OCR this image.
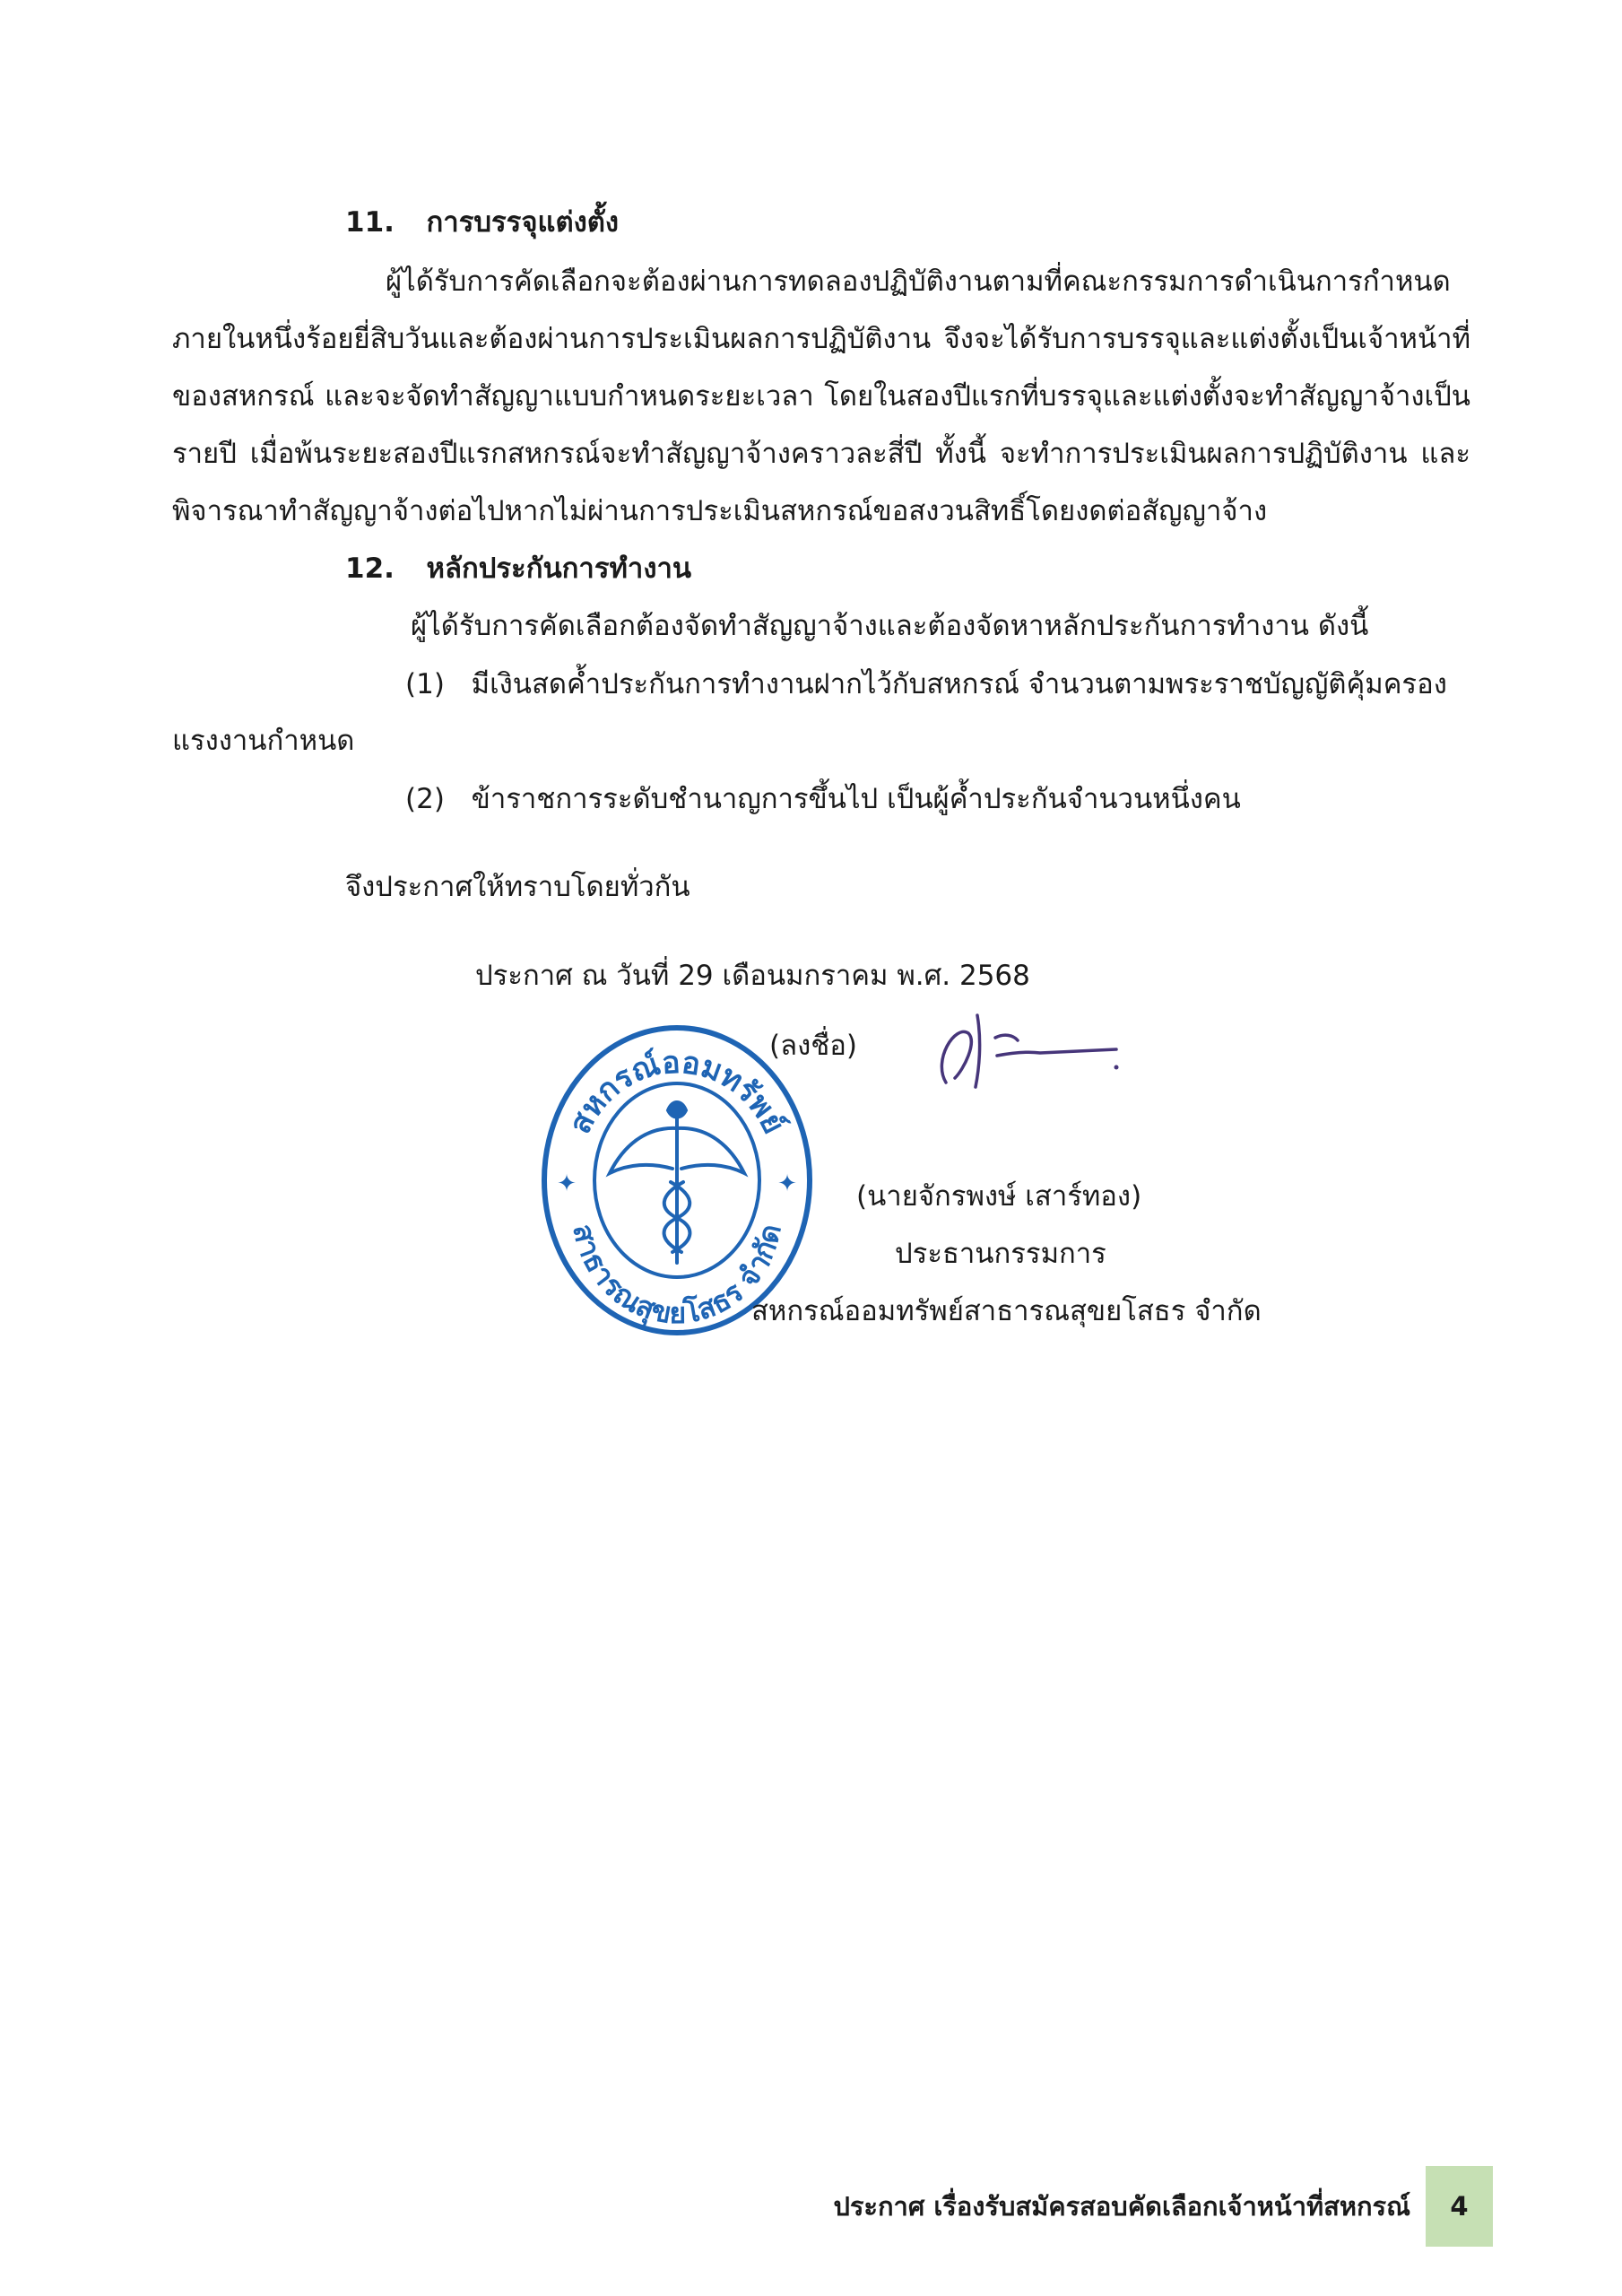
11. การบรรจุแต่งตั้ง
ผู้ได้รับการคัดเลือกจะต้องผ่านการทดลองปฏิบัติงานตามที่คณะกรรมการดำเนินการกำหนด
ภายในหนึ่งร้อยยี่สิบวันและต้องผ่านการประเมินผลการปฏิบัติงาน จึงจะได้รับการบรรจุและแต่งตั้งเป็นเจ้าหน้าที่
ของสหกรณ์ และจะจัดทำสัญญาแบบกำหนดระยะเวลา โดยในสองปีแรกที่บรรจุและแต่งตั้งจะทำสัญญาจ้างเป็น
รายปี เมื่อพ้นระยะสองปีแรกสหกรณ์จะทำสัญญาจ้างคราวละสี่ปี ทั้งนี้ จะทำการประเมินผลการปฏิบัติงาน และ
พิจารณาทำสัญญาจ้างต่อไปหากไม่ผ่านการประเมินสหกรณ์ขอสงวนสิทธิ์โดยงดต่อสัญญาจ้าง
12. หลักประกันการทำงาน
ผู้ได้รับการคัดเลือกต้องจัดทำสัญญาจ้างและต้องจัดหาหลักประกันการทำงาน ดังนี้
(1) มีเงินสดค้ำประกันการทำงานฝากไว้กับสหกรณ์ จำนวนตามพระราชบัญญัติคุ้มครอง
แรงงานกำหนด
(2) ข้าราชการระดับชำนาญการขึ้นไป เป็นผู้ค้ำประกันจำนวนหนึ่งคน
จึงประกาศให้ทราบโดยทั่วกัน
ประกาศ ณ วันที่ 29 เดือนมกราคม พ.ศ. 2568
สหกรณ์ออมทรัพย์
สาธารณสุขยโสธร จำกัด
✦	✦
(ลงชื่อ)
(นายจักรพงษ์ เสาร์ทอง)
ประธานกรรมการ
สหกรณ์ออมทรัพย์สาธารณสุขยโสธร จำกัด
ประกาศ เรื่องรับสมัครสอบคัดเลือกเจ้าหน้าที่สหกรณ์	4
